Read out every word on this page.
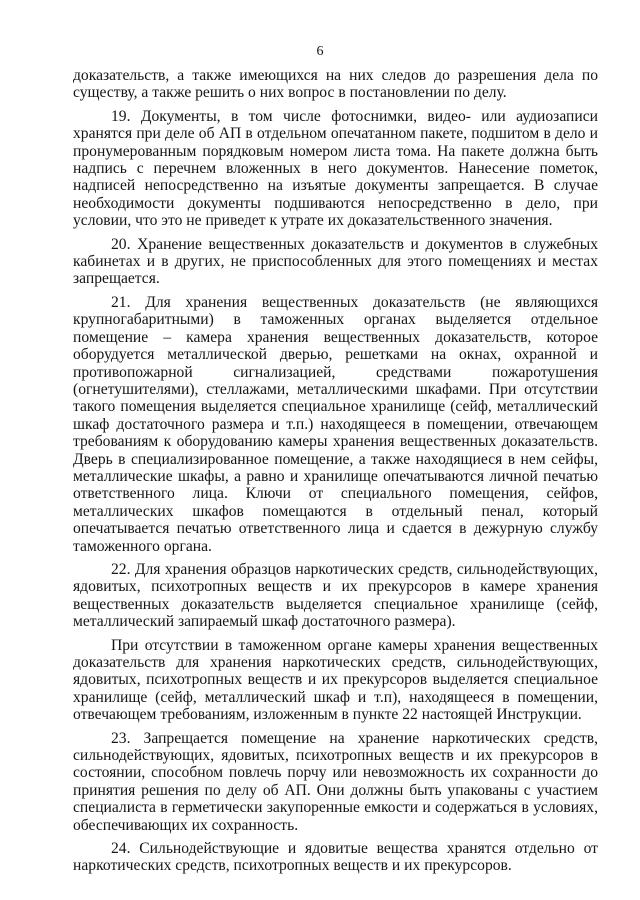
6

доказательств, а также имеющихся на них следов до разрешения дела по существу, а также решить о них вопрос в постановлении по делу.

19. Документы, в том числе фотоснимки, видео- или аудиозаписи хранятся при деле об АП в отдельном опечатанном пакете, подшитом в дело и пронумерованным порядковым номером листа тома. На пакете должна быть надпись с перечнем вложенных в него документов. Нанесение пометок, надписей непосредственно на изъятые документы запрещается. В случае необходимости документы подшиваются непосредственно в дело, при условии, что это не приведет к утрате их доказательственного значения.

20. Хранение вещественных доказательств и документов в служебных кабинетах и в других, не приспособленных для этого помещениях и местах запрещается.

21. Для хранения вещественных доказательств (не являющихся крупногабаритными) в таможенных органах выделяется отдельное помещение – камера хранения вещественных доказательств, которое оборудуется металлической дверью, решетками на окнах, охранной и противопожарной сигнализацией, средствами пожаротушения (огнетушителями), стеллажами, металлическими шкафами. При отсутствии такого помещения выделяется специальное хранилище (сейф, металлический шкаф достаточного размера и т.п.) находящееся в помещении, отвечающем требованиям к оборудованию камеры хранения вещественных доказательств. Дверь в специализированное помещение, а также находящиеся в нем сейфы, металлические шкафы, а равно и хранилище опечатываются личной печатью ответственного лица. Ключи от специального помещения, сейфов, металлических шкафов помещаются в отдельный пенал, который опечатывается печатью ответственного лица и сдается в дежурную службу таможенного органа.

22. Для хранения образцов наркотических средств, сильнодействующих, ядовитых, психотропных веществ и их прекурсоров в камере хранения вещественных доказательств выделяется специальное хранилище (сейф, металлический запираемый шкаф достаточного размера).

При отсутствии в таможенном органе камеры хранения вещественных доказательств для хранения наркотических средств, сильнодействующих, ядовитых, психотропных веществ и их прекурсоров выделяется специальное хранилище (сейф, металлический шкаф и т.п), находящееся в помещении, отвечающем требованиям, изложенным в пункте 22 настоящей Инструкции.

23. Запрещается помещение на хранение наркотических средств, сильнодействующих, ядовитых, психотропных веществ и их прекурсоров в состоянии, способном повлечь порчу или невозможность их сохранности до принятия решения по делу об АП. Они должны быть упакованы с участием специалиста в герметически закупоренные емкости и содержаться в условиях, обеспечивающих их сохранность.

24. Сильнодействующие и ядовитые вещества хранятся отдельно от наркотических средств, психотропных веществ и их прекурсоров.
